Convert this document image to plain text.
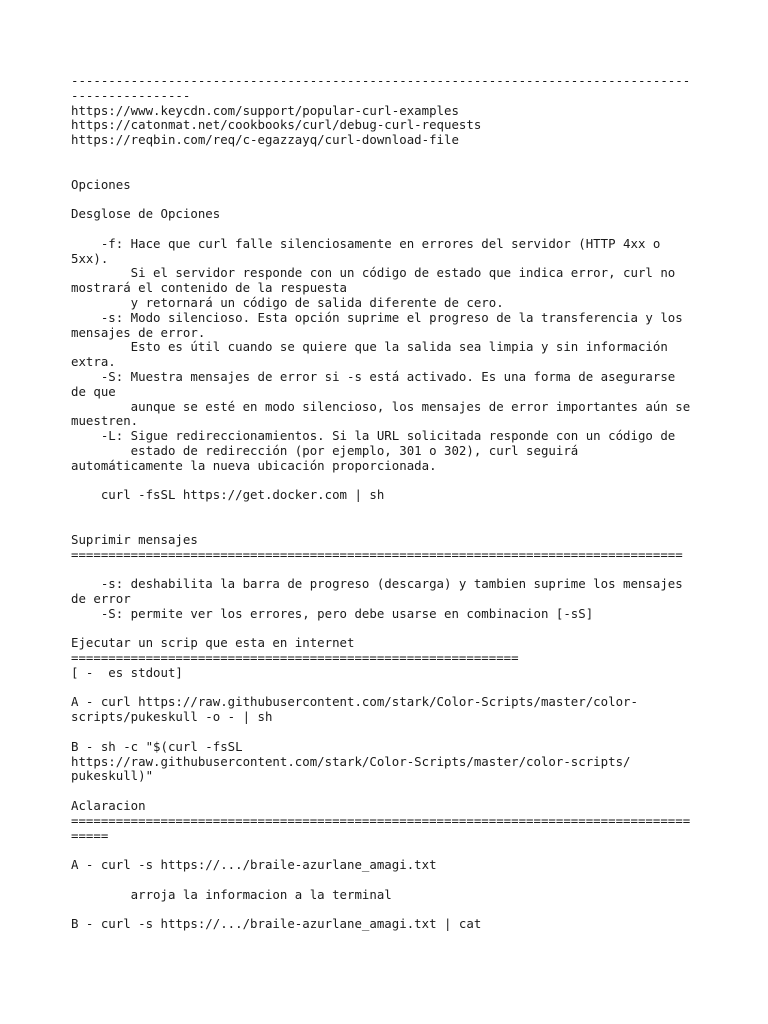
-----------------------------------------------------------------------------------
----------------
https://www.keycdn.com/support/popular-curl-examples
https://catonmat.net/cookbooks/curl/debug-curl-requests
https://reqbin.com/req/c-egazzayq/curl-download-file
Opciones
Desglose de Opciones
-f: Hace que curl falle silenciosamente en errores del servidor (HTTP 4xx o
5xx).
Si el servidor responde con un código de estado que indica error, curl no
mostrará el contenido de la respuesta
y retornará un código de salida diferente de cero.
-s: Modo silencioso. Esta opción suprime el progreso de la transferencia y los
mensajes de error.
Esto es útil cuando se quiere que la salida sea limpia y sin información
extra.
-S: Muestra mensajes de error si -s está activado. Es una forma de asegurarse
de que
aunque se esté en modo silencioso, los mensajes de error importantes aún se
muestren.
-L: Sigue redireccionamientos. Si la URL solicitada responde con un código de
estado de redirección (por ejemplo, 301 o 302), curl seguirá
automáticamente la nueva ubicación proporcionada.
curl -fsSL https://get.docker.com | sh
Suprimir mensajes
==================================================================================
-s: deshabilita la barra de progreso (descarga) y tambien suprime los mensajes
de error
-S: permite ver los errores, pero debe usarse en combinacion [-sS]
Ejecutar un scrip que esta en internet
============================================================
[ -  es stdout]
A - curl https://raw.githubusercontent.com/stark/Color-Scripts/master/color-
scripts/pukeskull -o - | sh
B - sh -c "$(curl -fsSL
https://raw.githubusercontent.com/stark/Color-Scripts/master/color-scripts/
pukeskull)"
Aclaracion
===================================================================================
=====
A - curl -s https://.../braile-azurlane_amagi.txt
arroja la informacion a la terminal
B - curl -s https://.../braile-azurlane_amagi.txt | cat
